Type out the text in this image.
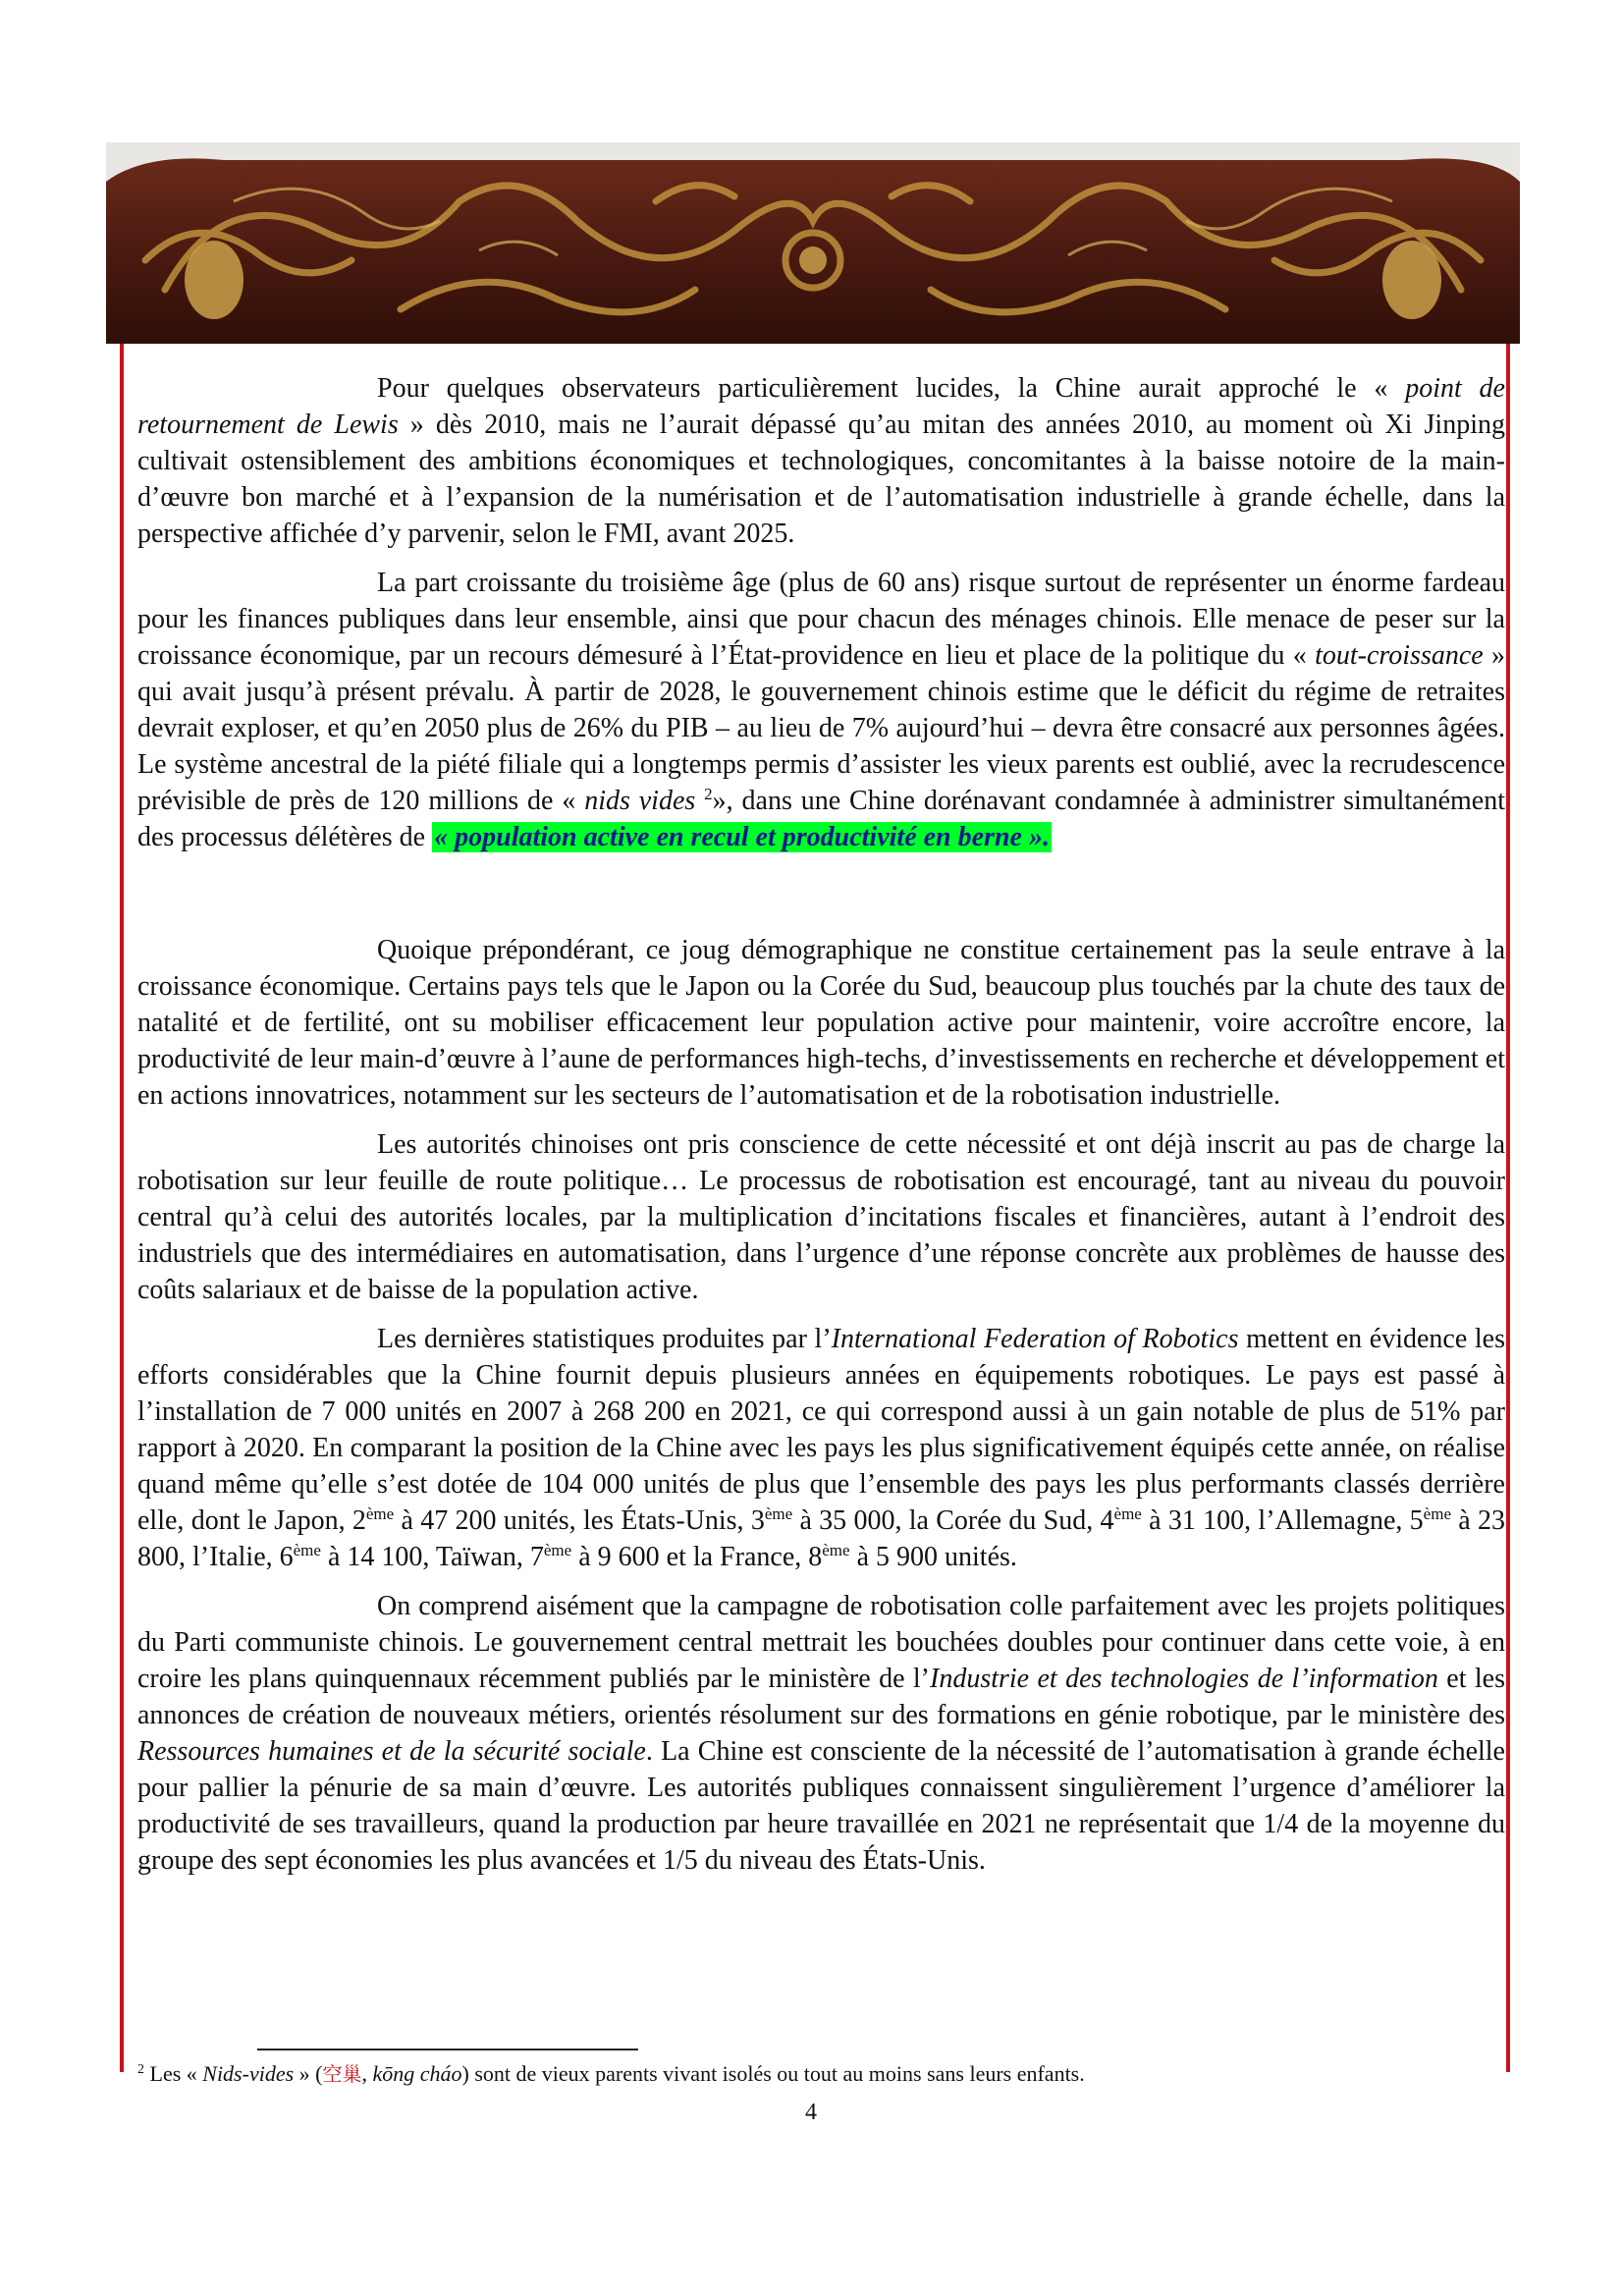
Pour quelques observateurs particulièrement lucides, la Chine aurait approché le « point de retournement de Lewis » dès 2010, mais ne l’aurait dépassé qu’au mitan des années 2010, au moment où Xi Jinping cultivait ostensiblement des ambitions économiques et technologiques, concomitantes à la baisse notoire de la main-d’œuvre bon marché et à l’expansion de la numérisation et de l’automatisation industrielle à grande échelle, dans la perspective affichée d’y parvenir, selon le FMI, avant 2025.

La part croissante du troisième âge (plus de 60 ans) risque surtout de représenter un énorme fardeau pour les finances publiques dans leur ensemble, ainsi que pour chacun des ménages chinois. Elle menace de peser sur la croissance économique, par un recours démesuré à l’État-providence en lieu et place de la politique du « tout-croissance » qui avait jusqu’à présent prévalu. À partir de 2028, le gouvernement chinois estime que le déficit du régime de retraites devrait exploser, et qu’en 2050 plus de 26% du PIB – au lieu de 7% aujourd’hui – devra être consacré aux personnes âgées. Le système ancestral de la piété filiale qui a longtemps permis d’assister les vieux parents est oublié, avec la recrudescence prévisible de près de 120 millions de « nids vides $^2$», dans une Chine dorénavant condamnée à administrer simultanément des processus délétères de « population active en recul et productivité en berne ».

Quoique prépondérant, ce joug démographique ne constitue certainement pas la seule entrave à la croissance économique. Certains pays tels que le Japon ou la Corée du Sud, beaucoup plus touchés par la chute des taux de natalité et de fertilité, ont su mobiliser efficacement leur population active pour maintenir, voire accroître encore, la productivité de leur main-d’œuvre à l’aune de performances high-techs, d’investissements en recherche et développement et en actions innovatrices, notamment sur les secteurs de l’automatisation et de la robotisation industrielle.

Les autorités chinoises ont pris conscience de cette nécessité et ont déjà inscrit au pas de charge la robotisation sur leur feuille de route politique… Le processus de robotisation est encouragé, tant au niveau du pouvoir central qu’à celui des autorités locales, par la multiplication d’incitations fiscales et financières, autant à l’endroit des industriels que des intermédiaires en automatisation, dans l’urgence d’une réponse concrète aux problèmes de hausse des coûts salariaux et de baisse de la population active.

Les dernières statistiques produites par l’International Federation of Robotics mettent en évidence les efforts considérables que la Chine fournit depuis plusieurs années en équipements robotiques. Le pays est passé à l’installation de 7 000 unités en 2007 à 268 200 en 2021, ce qui correspond aussi à un gain notable de plus de 51% par rapport à 2020. En comparant la position de la Chine avec les pays les plus significativement équipés cette année, on réalise quand même qu’elle s’est dotée de 104 000 unités de plus que l’ensemble des pays les plus performants classés derrière elle, dont le Japon, 2ème à 47 200 unités, les États-Unis, 3ème à 35 000, la Corée du Sud, 4ème à 31 100, l’Allemagne, 5ème à 23 800, l’Italie, 6ème à 14 100, Taïwan, 7ème à 9 600 et la France, 8ème à 5 900 unités.

On comprend aisément que la campagne de robotisation colle parfaitement avec les projets politiques du Parti communiste chinois. Le gouvernement central mettrait les bouchées doubles pour continuer dans cette voie, à en croire les plans quinquennaux récemment publiés par le ministère de l’Industrie et des technologies de l’information et les annonces de création de nouveaux métiers, orientés résolument sur des formations en génie robotique, par le ministère des Ressources humaines et de la sécurité sociale. La Chine est consciente de la nécessité de l’automatisation à grande échelle pour pallier la pénurie de sa main d’œuvre. Les autorités publiques connaissent singulièrement l’urgence d’améliorer la productivité de ses travailleurs, quand la production par heure travaillée en 2021 ne représentait que 1/4 de la moyenne du groupe des sept économies les plus avancées et 1/5 du niveau des États-Unis.

$^2$ Les « Nids-vides » (空巢, kōng cháo) sont de vieux parents vivant isolés ou tout au moins sans leurs enfants.
4
